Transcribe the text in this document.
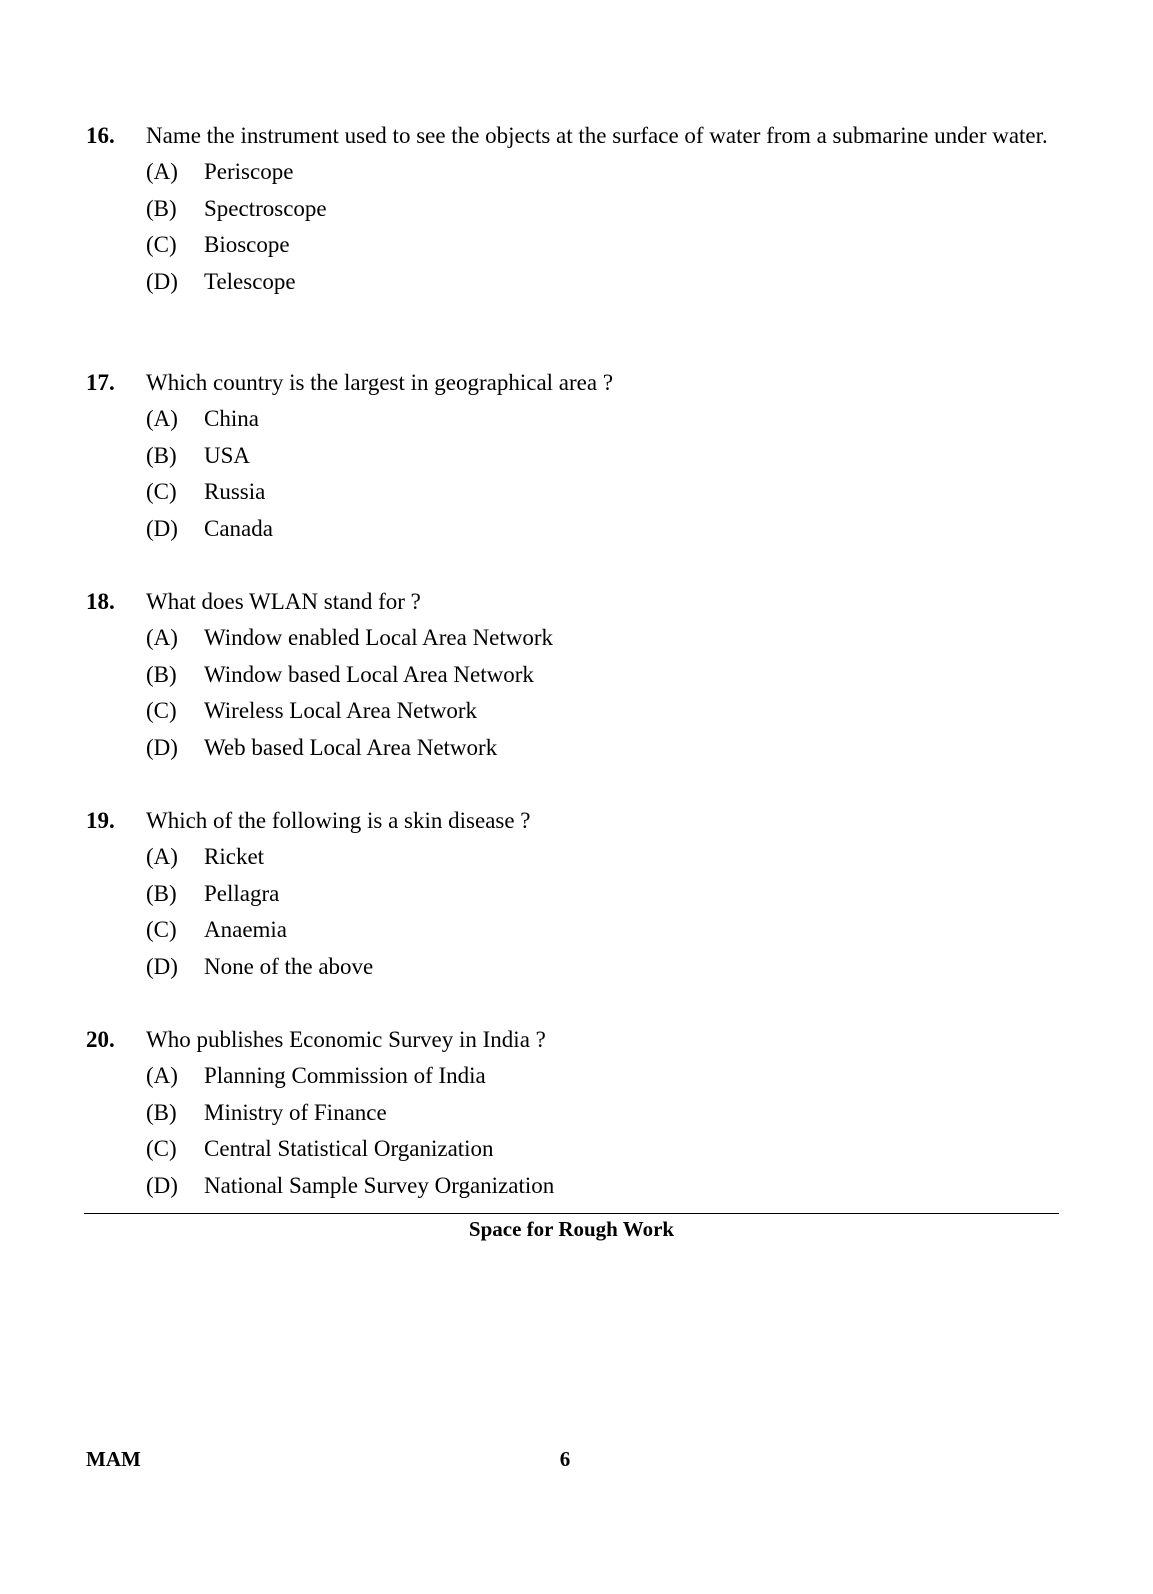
16.	Name the instrument used to see the objects at the surface of water from a submarine under water.
(A)	Periscope
(B)	Spectroscope
(C)	Bioscope
(D)	Telescope
17.	Which country is the largest in geographical area ?
(A)	China
(B)	USA
(C)	Russia
(D)	Canada
18.	What does WLAN stand for ?
(A)	Window enabled Local Area Network
(B)	Window based Local Area Network
(C)	Wireless Local Area Network
(D)	Web based Local Area Network
19.	Which of the following is a skin disease ?
(A)	Ricket
(B)	Pellagra
(C)	Anaemia
(D)	None of the above
20.	Who publishes Economic Survey in India ?
(A)	Planning Commission of India
(B)	Ministry of Finance
(C)	Central Statistical Organization
(D)	National Sample Survey Organization
Space for Rough Work
MAM	6
